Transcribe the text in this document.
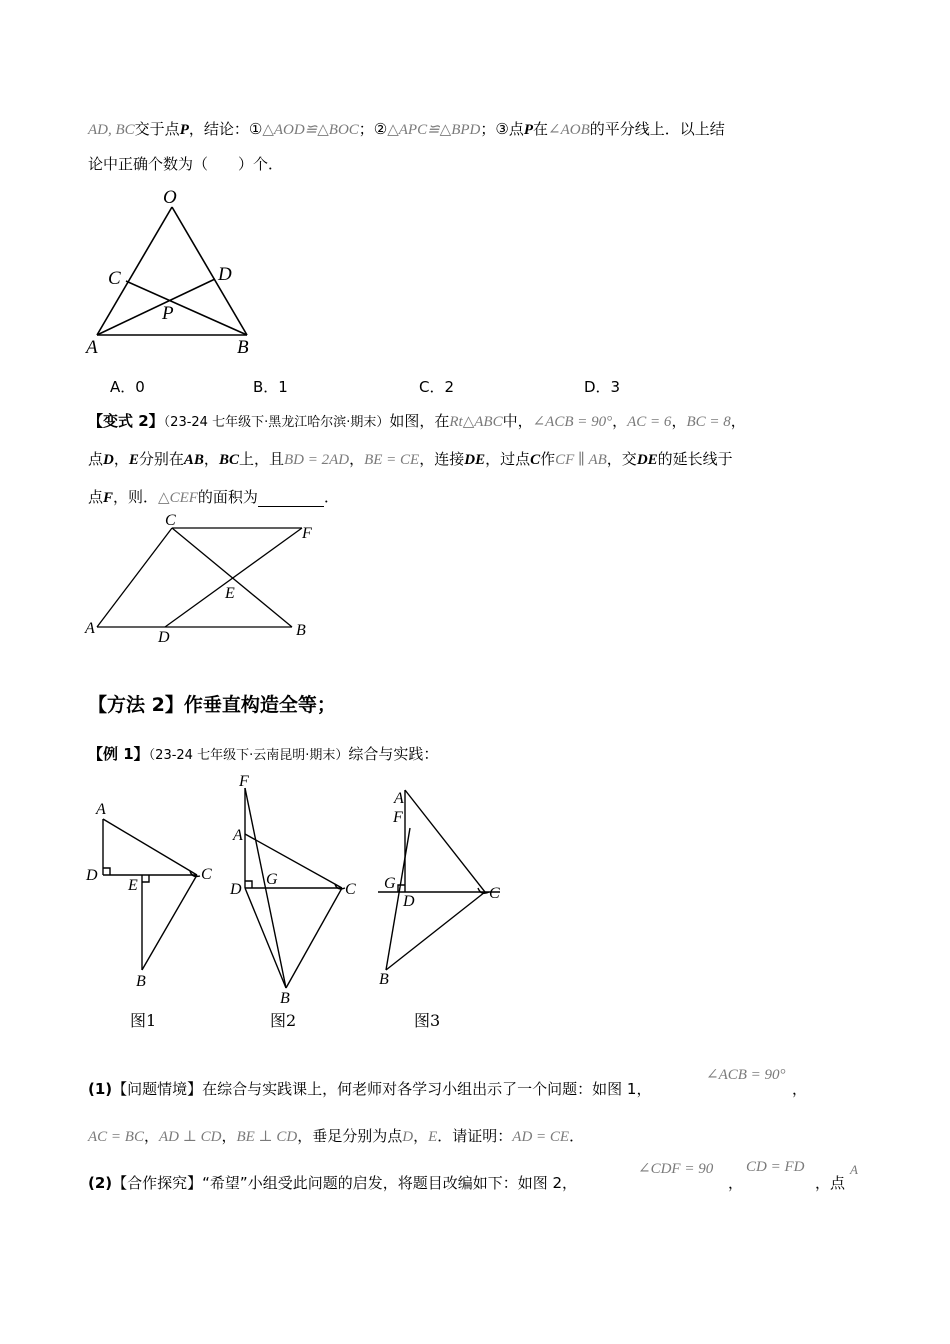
AD, BC交于点P，结论：①△AOD≌△BOC；②△APC≌△BPD；③点P在∠AOB的平分线上．以上结
论中正确个数为（　　）个．
O
C	D
P
A	B
A．0	B．1	C．2	D．3
【变式 2】（23-24 七年级下·黑龙江哈尔滨·期末）如图，在Rt△ABC中，∠ACB = 90°，AC = 6，BC = 8，
点D，E分别在AB，BC上，且BD = 2AD，BE = CE，连接DE，过点C作CF ∥ AB，交DE的延长线于
点F，则．△CEF的面积为	．
C
F
E
A
D	B
【方法 2】作垂直构造全等；
【例 1】（23-24 七年级下·云南昆明·期末）综合与实践：
A
D
E
C
B
图1
F
A
D
G
C
B
图2
A
F
G
D	C
B
图3
(1)【问题情境】在综合与实践课上，何老师对各学习小组出示了一个问题：如图 1，
∠ACB = 90°
，
AC = BC，AD ⊥ CD，BE ⊥ CD，垂足分别为点D，E．请证明：AD = CE．
(2)【合作探究】“希望”小组受此问题的启发，将题目改编如下：如图 2，
∠CDF = 90
，
CD = FD
，点
A
